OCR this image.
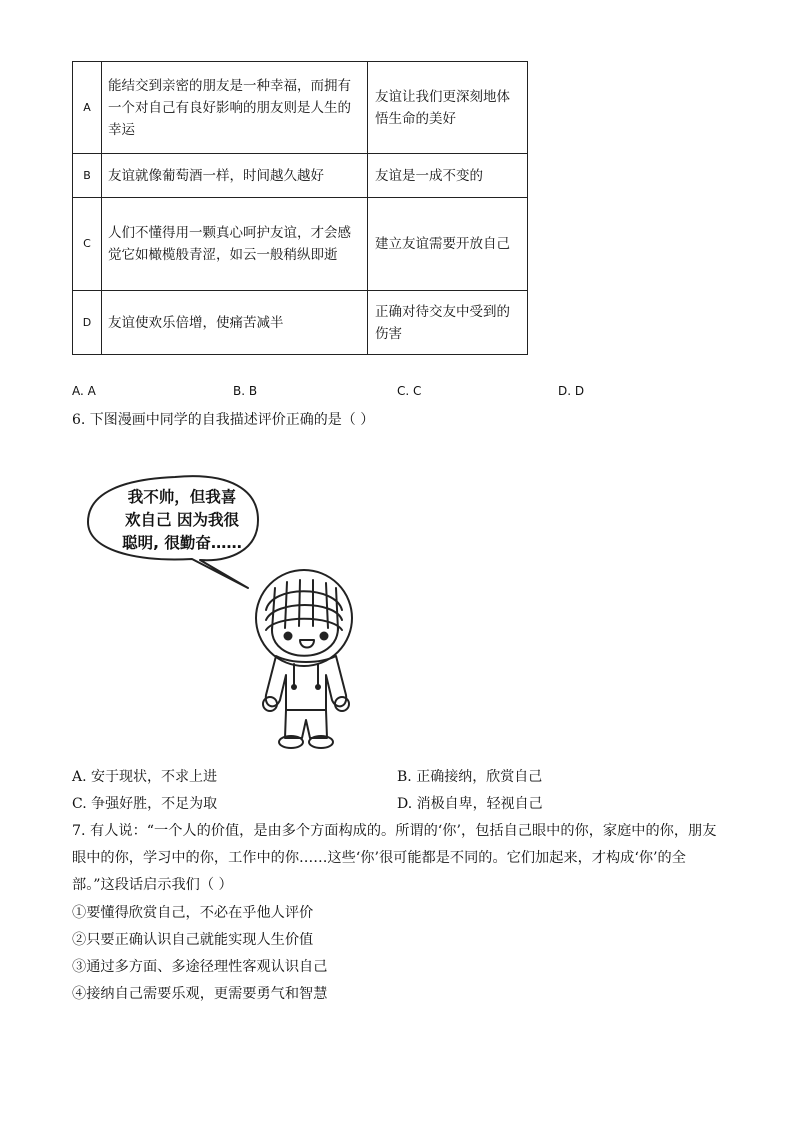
A	能结交到亲密的朋友是一种幸福，而拥有一个对自己有良好影响的朋友则是人生的幸运	友谊让我们更深刻地体悟生命的美好
B	友谊就像葡萄酒一样，时间越久越好	友谊是一成不变的
C	人们不懂得用一颗真心呵护友谊，才会感觉它如橄榄般青涩，如云一般稍纵即逝	建立友谊需要开放自己
D	友谊使欢乐倍增，使痛苦减半	正确对待交友中受到的伤害
A. A	B. B	C. C	D. D
6. 下图漫画中同学的自我描述评价正确的是（ ）
我不帅，但我喜
欢自己 因为我很
聪明, 很勤奋……
A. 安于现状，不求上进	B. 正确接纳，欣赏自己
C. 争强好胜，不足为取	D. 消极自卑，轻视自己
7. 有人说：“一个人的价值，是由多个方面构成的。所谓的‘你’，包括自己眼中的你，家庭中的你，朋友
眼中的你，学习中的你，工作中的你……这些‘你’很可能都是不同的。它们加起来，才构成‘你’的全
部。”这段话启示我们（ ）
①要懂得欣赏自己，不必在乎他人评价
②只要正确认识自己就能实现人生价值
③通过多方面、多途径理性客观认识自己
④接纳自己需要乐观，更需要勇气和智慧
